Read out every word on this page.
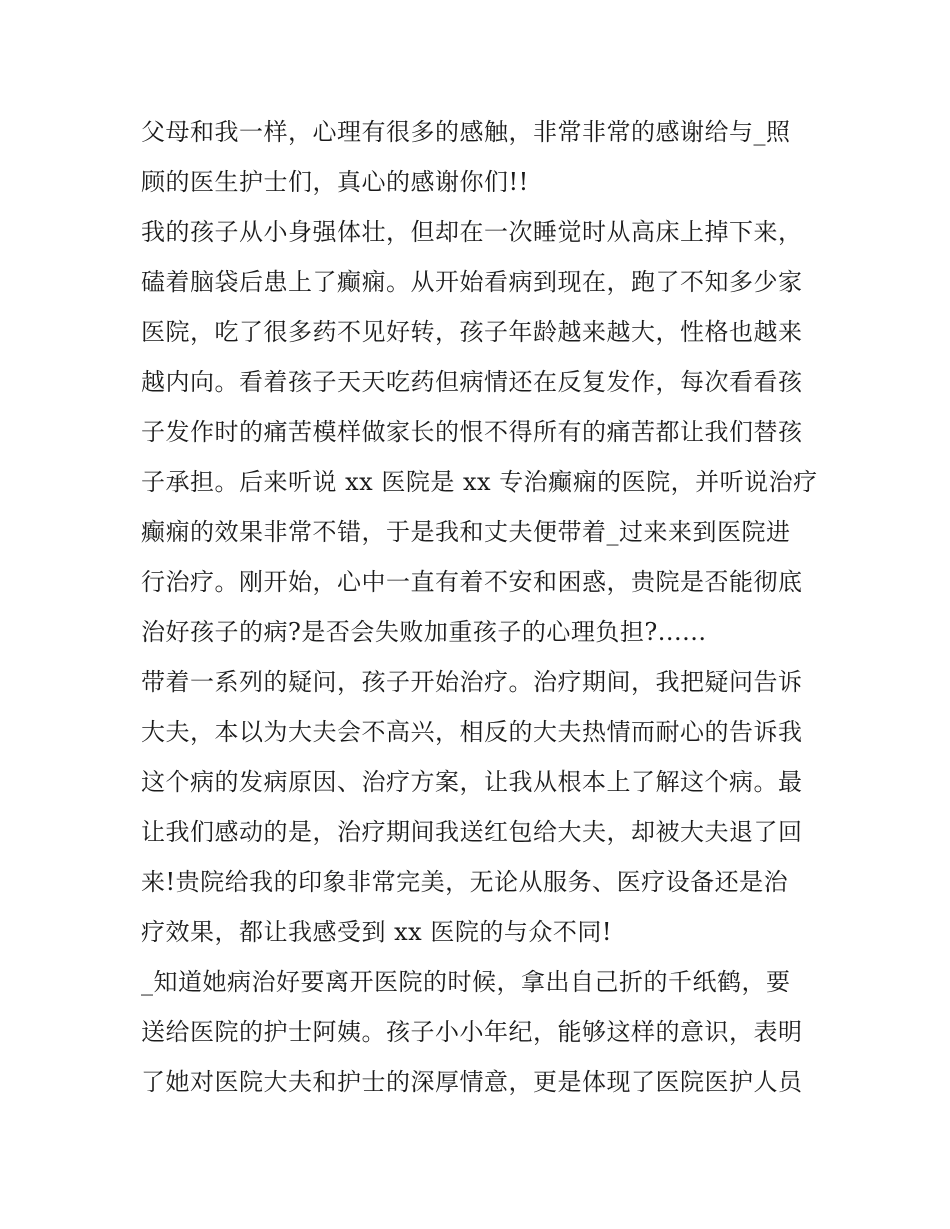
父母和我一样，心理有很多的感触，非常非常的感谢给与_照
顾的医生护士们，真心的感谢你们!!
我的孩子从小身强体壮，但却在一次睡觉时从高床上掉下来，
磕着脑袋后患上了癫痫。从开始看病到现在，跑了不知多少家
医院，吃了很多药不见好转，孩子年龄越来越大，性格也越来
越内向。看着孩子天天吃药但病情还在反复发作，每次看看孩
子发作时的痛苦模样做家长的恨不得所有的痛苦都让我们替孩
子承担。后来听说 xx 医院是 xx 专治癫痫的医院，并听说治疗
癫痫的效果非常不错，于是我和丈夫便带着_过来来到医院进
行治疗。刚开始，心中一直有着不安和困惑，贵院是否能彻底
治好孩子的病?是否会失败加重孩子的心理负担?......
带着一系列的疑问，孩子开始治疗。治疗期间，我把疑问告诉
大夫，本以为大夫会不高兴，相反的大夫热情而耐心的告诉我
这个病的发病原因、治疗方案，让我从根本上了解这个病。最
让我们感动的是，治疗期间我送红包给大夫，却被大夫退了回
来!贵院给我的印象非常完美，无论从服务、医疗设备还是治
疗效果，都让我感受到 xx 医院的与众不同!
_知道她病治好要离开医院的时候，拿出自己折的千纸鹤，要
送给医院的护士阿姨。孩子小小年纪，能够这样的意识，表明
了她对医院大夫和护士的深厚情意，更是体现了医院医护人员
